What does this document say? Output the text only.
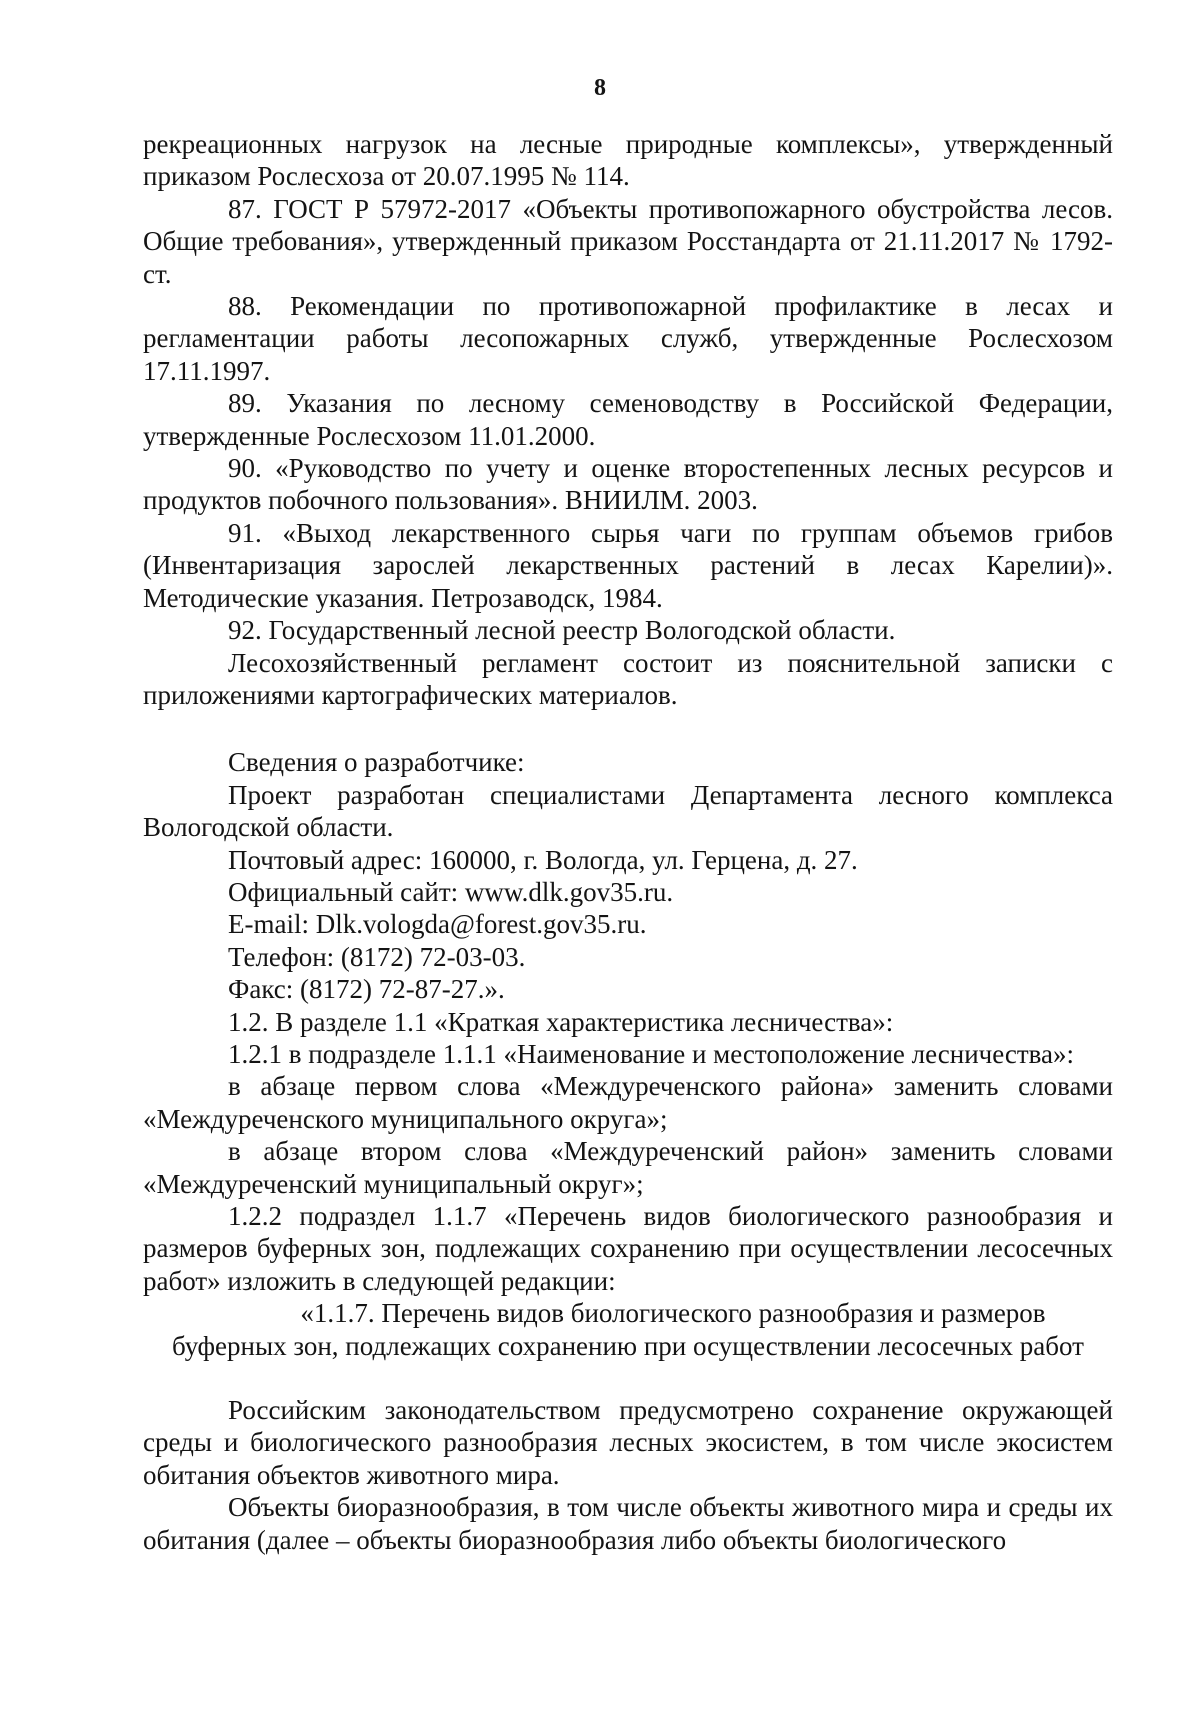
8

рекреационных нагрузок на лесные природные комплексы», утвержденный приказом Рослесхоза от 20.07.1995 № 114.

87. ГОСТ Р 57972-2017 «Объекты противопожарного обустройства лесов. Общие требования», утвержденный приказом Росстандарта от 21.11.2017 № 1792-ст.

88. Рекомендации по противопожарной профилактике в лесах и регламентации работы лесопожарных служб, утвержденные Рослесхозом 17.11.1997.

89. Указания по лесному семеноводству в Российской Федерации, утвержденные Рослесхозом 11.01.2000.

90. «Руководство по учету и оценке второстепенных лесных ресурсов и продуктов побочного пользования». ВНИИЛМ. 2003.

91. «Выход лекарственного сырья чаги по группам объемов грибов (Инвентаризация зарослей лекарственных растений в лесах Карелии)». Методические указания. Петрозаводск, 1984.

92. Государственный лесной реестр Вологодской области.

Лесохозяйственный регламент состоит из пояснительной записки с приложениями картографических материалов.

Сведения о разработчике:

Проект разработан специалистами Департамента лесного комплекса Вологодской области.

Почтовый адрес: 160000, г. Вологда, ул. Герцена, д. 27.

Официальный сайт: www.dlk.gov35.ru.

E-mail: Dlk.vologda@forest.gov35.ru.

Телефон: (8172) 72-03-03.

Факс: (8172) 72-87-27.».

1.2. В разделе 1.1 «Краткая характеристика лесничества»:

1.2.1 в подразделе 1.1.1 «Наименование и местоположение лесничества»:

в абзаце первом слова «Междуреченского района» заменить словами «Междуреченского муниципального округа»;

в абзаце втором слова «Междуреченский район» заменить словами «Междуреченский муниципальный округ»;

1.2.2 подраздел 1.1.7 «Перечень видов биологического разнообразия и размеров буферных зон, подлежащих сохранению при осуществлении лесосечных работ» изложить в следующей редакции:

«1.1.7. Перечень видов биологического разнообразия и размеров

буферных зон, подлежащих сохранению при осуществлении лесосечных работ

Российским законодательством предусмотрено сохранение окружающей среды и биологического разнообразия лесных экосистем, в том числе экосистем обитания объектов животного мира.

Объекты биоразнообразия, в том числе объекты животного мира и среды их обитания (далее – объекты биоразнообразия либо объекты биологического
